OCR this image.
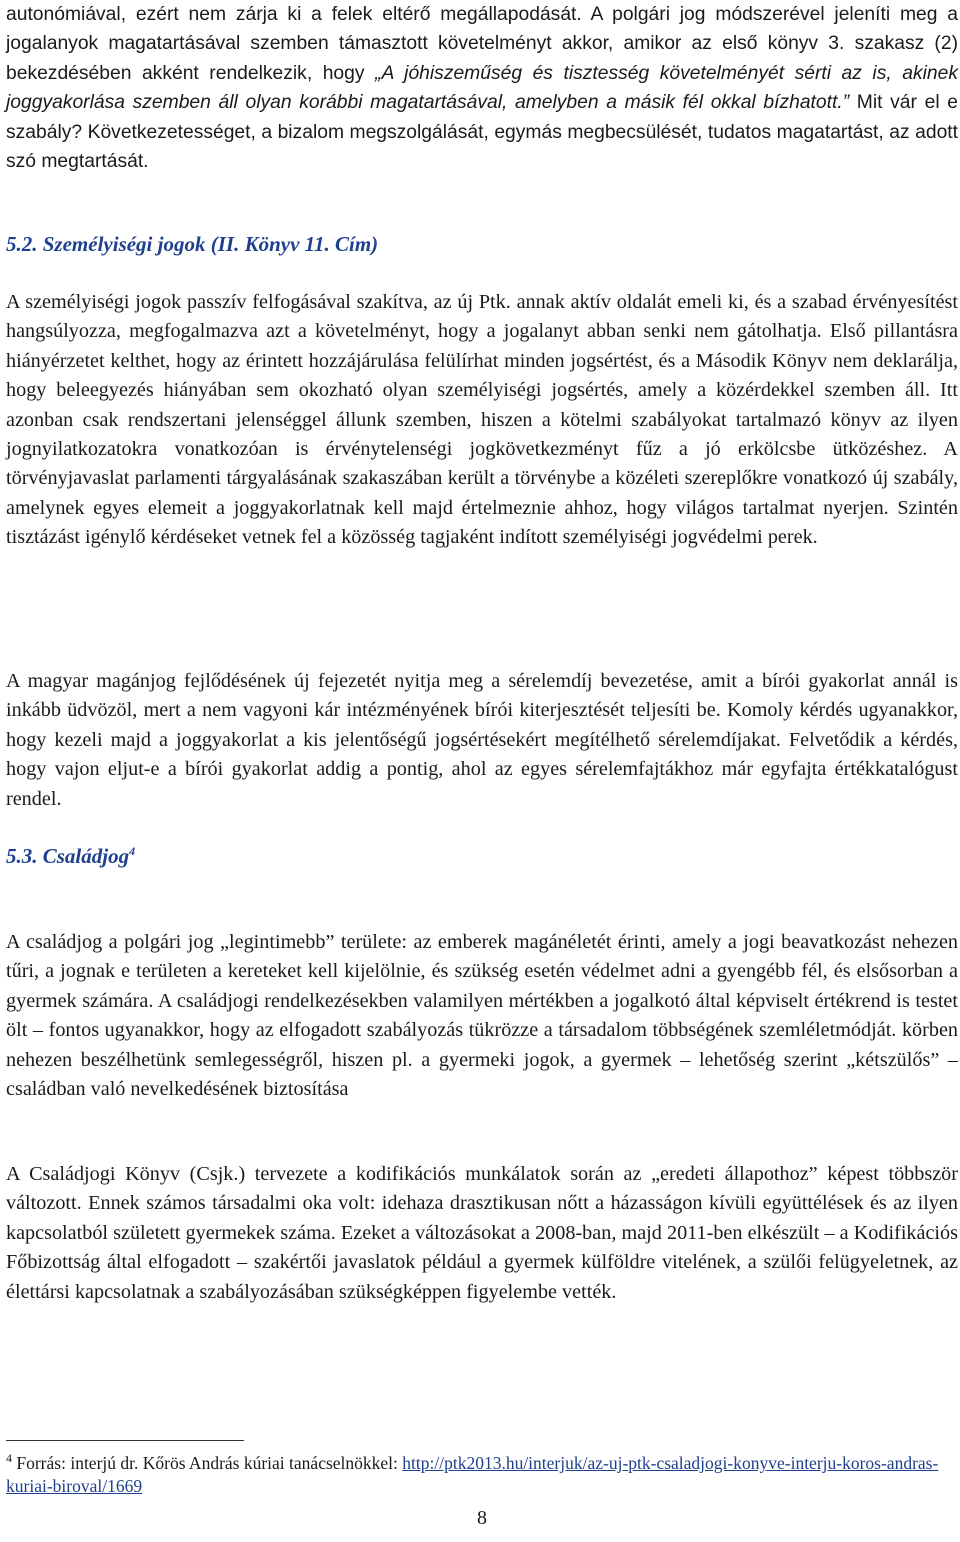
autonómiával, ezért nem zárja ki a felek eltérő megállapodását. A polgári jog módszerével jeleníti meg a jogalanyok magatartásával szemben támasztott követelményt akkor, amikor az első könyv 3. szakasz (2) bekezdésében akként rendelkezik, hogy „A jóhiszeműség és tisztesség követelményét sérti az is, akinek joggyakorlása szemben áll olyan korábbi magatartásával, amelyben a másik fél okkal bízhatott.” Mit vár el e szabály? Következetességet, a bizalom megszolgálását, egymás megbecsülését, tudatos magatartást, az adott szó megtartását.

5.2. Személyiségi jogok (II. Könyv 11. Cím)

A személyiségi jogok passzív felfogásával szakítva, az új Ptk. annak aktív oldalát emeli ki, és a szabad érvényesítést hangsúlyozza, megfogalmazva azt a követelményt, hogy a jogalanyt abban senki nem gátolhatja. Első pillantásra hiányérzetet kelthet, hogy az érintett hozzájárulása felülírhat minden jogsértést, és a Második Könyv nem deklarálja, hogy beleegyezés hiányában sem okozható olyan személyiségi jogsértés, amely a közérdekkel szemben áll. Itt azonban csak rendszertani jelenséggel állunk szemben, hiszen a kötelmi szabályokat tartalmazó könyv az ilyen jognyilatkozatokra vonatkozóan is érvénytelenségi jogkövetkezményt fűz a jó erkölcsbe ütközéshez. A törvényjavaslat parlamenti tárgyalásának szakaszában került a törvénybe a közéleti szereplőkre vonatkozó új szabály, amelynek egyes elemeit a joggyakorlatnak kell majd értelmeznie ahhoz, hogy világos tartalmat nyerjen. Szintén tisztázást igénylő kérdéseket vetnek fel a közösség tagjaként indított személyiségi jogvédelmi perek.

A magyar magánjog fejlődésének új fejezetét nyitja meg a sérelemdíj bevezetése, amit a bírói gyakorlat annál is inkább üdvözöl, mert a nem vagyoni kár intézményének bírói kiterjesztését teljesíti be. Komoly kérdés ugyanakkor, hogy kezeli majd a joggyakorlat a kis jelentőségű jogsértésekért megítélhető sérelemdíjakat. Felvetődik a kérdés, hogy vajon eljut-e a bírói gyakorlat addig a pontig, ahol az egyes sérelemfajtákhoz már egyfajta értékkatalógust rendel.

5.3. Családjog$^4$

A családjog a polgári jog „legintimebb” területe: az emberek magánéletét érinti, amely a jogi beavatkozást nehezen tűri, a jognak e területen a kereteket kell kijelölnie, és szükség esetén védelmet adni a gyengébb fél, és elsősorban a gyermek számára. A családjogi rendelkezésekben valamilyen mértékben a jogalkotó által képviselt értékrend is testet ölt – fontos ugyanakkor, hogy az elfogadott szabályozás tükrözze a társadalom többségének szemléletmódját. körben nehezen beszélhetünk semlegességről, hiszen pl. a gyermeki jogok, a gyermek – lehetőség szerint „kétszülős” – családban való nevelkedésének biztosítása

A Családjogi Könyv (Csjk.) tervezete a kodifikációs munkálatok során az „eredeti állapothoz” képest többször változott. Ennek számos társadalmi oka volt: idehaza drasztikusan nőtt a házasságon kívüli együttélések és az ilyen kapcsolatból született gyermekek száma. Ezeket a változásokat a 2008-ban, majd 2011-ben elkészült – a Kodifikációs Főbizottság által elfogadott – szakértői javaslatok például a gyermek külföldre vitelének, a szülői felügyeletnek, az élettársi kapcsolatnak a szabályozásában szükségképpen figyelembe vették.

$^4$ Forrás: interjú dr. Kőrös András kúriai tanácselnökkel: http://ptk2013.hu/interjuk/az-uj-ptk-csaladjogi-konyve-interju-koros-andras-kuriai-biroval/1669

8
